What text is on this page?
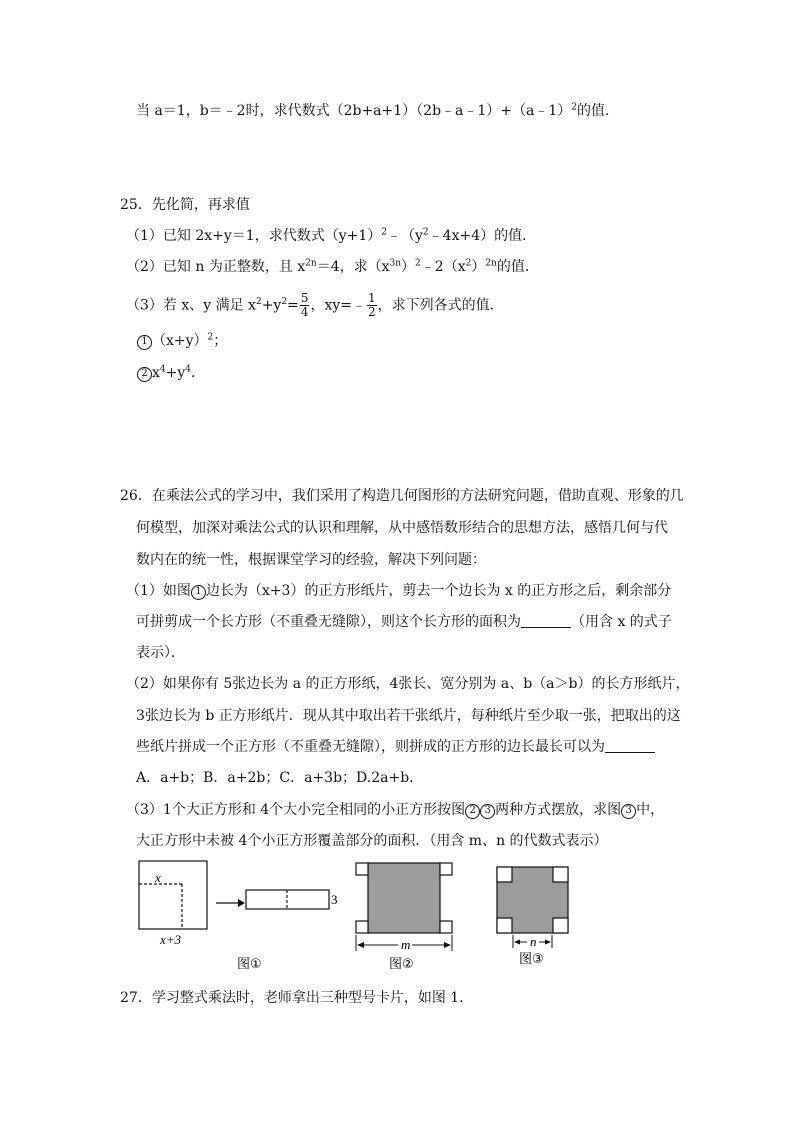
当 a＝1，b＝﹣2时，求代数式（2b+a+1）（2b﹣a﹣1）+（a﹣1）$^2$的值．
25．先化简，再求值
（1）已知 2x+y＝1，求代数式$(y+1)^2﹣(y^2﹣4x+4)$的值．
（2）已知 n 为正整数，且 $x^{2n}=4$，求$(x^{3n})^2﹣2(x^2)^{2n}$的值．
（3）若 x、y 满足 $x^2+y^2= \frac{5}{4}$ ，xy=﹣ $\frac{1}{2}$ ，求下列各式的值．
1 $(x+y)^2$；
2 $x^4+y^4$．
26．在乘法公式的学习中，我们采用了构造几何图形的方法研究问题，借助直观、形象的几
何模型，加深对乘法公式的认识和理解，从中感悟数形结合的思想方法，感悟几何与代
数内在的统一性，根据课堂学习的经验，解决下列问题：
（1）如图 1 边长为（x+3）的正方形纸片，剪去一个边长为 x 的正方形之后，剩余部分
可拼剪成一个长方形（不重叠无缝隙），则这个长方形的面积为	（用含 x 的式子
表示）．
（2）如果你有 5张边长为 a 的正方形纸，4张长、宽分别为 a、b（a＞b）的长方形纸片，
3张边长为 b 正方形纸片．现从其中取出若干张纸片，每种纸片至少取一张，把取出的这
些纸片拼成一个正方形（不重叠无缝隙），则拼成的正方形的边长最长可以为
A．a+b；B．a+2b；C．a+3b；D.2a+b．
（3）1个大正方形和 4个大小完全相同的小正方形按图 2 3 两种方式摆放，求图 3 中，
大正方形中未被 4个小正方形覆盖部分的面积．（用含 m、n 的代数式表示）
x
x+3
3
图①
m
图②
n
图③
27．学习整式乘法时，老师拿出三种型号卡片，如图 1．
